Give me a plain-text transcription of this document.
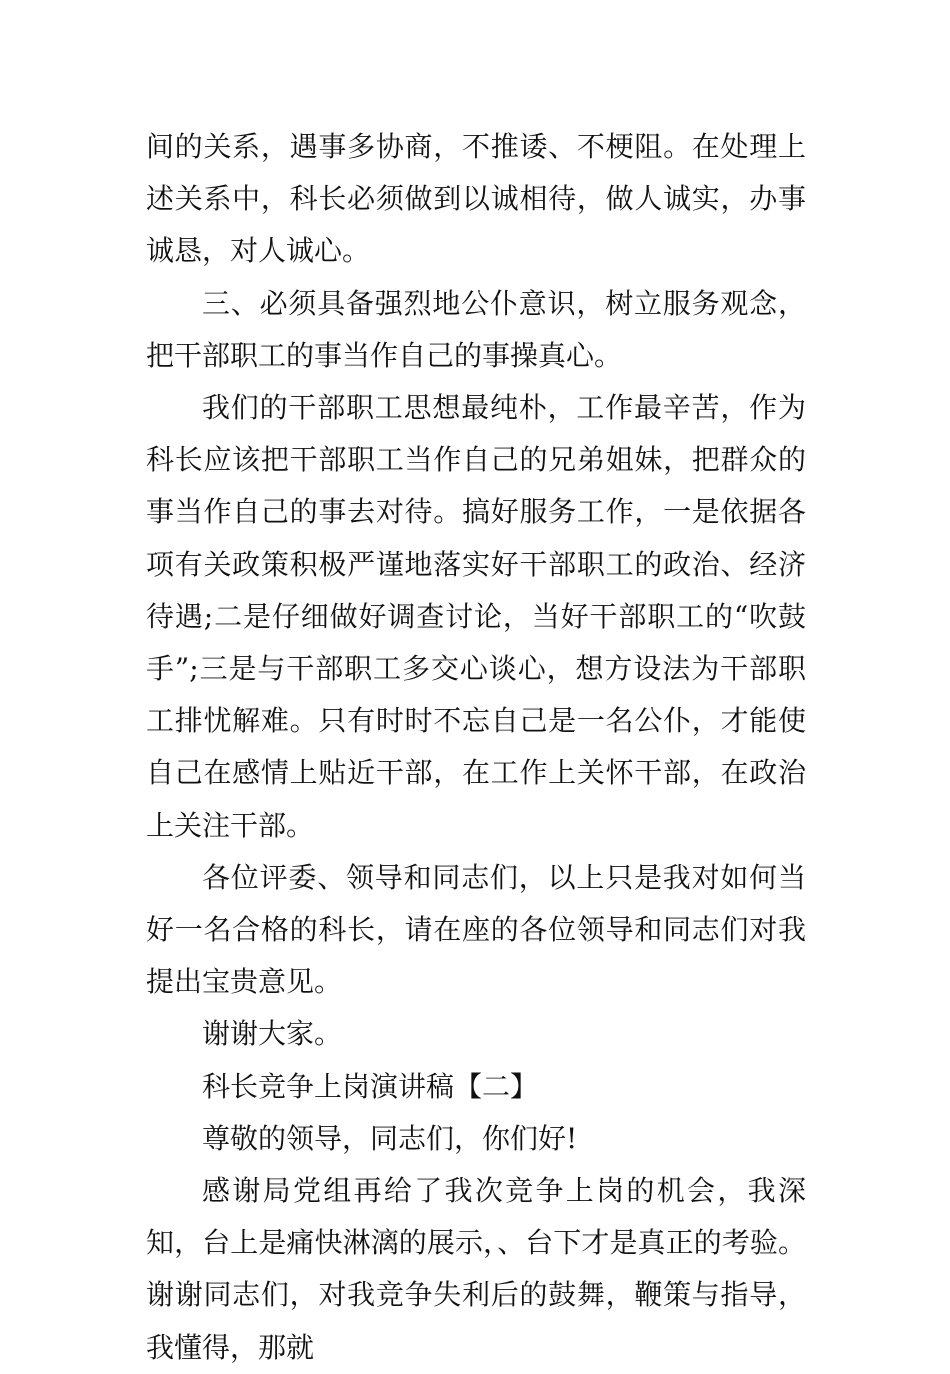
间的关系，遇事多协商，不推诿、不梗阻。在处理上述关系中，科长必须做到以诚相待，做人诚实，办事诚恳，对人诚心。

三、必须具备强烈地公仆意识，树立服务观念，把干部职工的事当作自己的事操真心。

我们的干部职工思想最纯朴，工作最辛苦，作为科长应该把干部职工当作自己的兄弟姐妹，把群众的事当作自己的事去对待。搞好服务工作，一是依据各项有关政策积极严谨地落实好干部职工的政治、经济待遇;二是仔细做好调查讨论，当好干部职工的“吹鼓手”;三是与干部职工多交心谈心，想方设法为干部职工排忧解难。只有时时不忘自己是一名公仆，才能使自己在感情上贴近干部，在工作上关怀干部，在政治上关注干部。

各位评委、领导和同志们，以上只是我对如何当好一名合格的科长，请在座的各位领导和同志们对我提出宝贵意见。

谢谢大家。

科长竞争上岗演讲稿【二】

尊敬的领导，同志们，你们好!

感谢局党组再给了我次竞争上岗的机会，我深知，台上是痛快淋漓的展示，、台下才是真正的考验。谢谢同志们，对我竞争失利后的鼓舞，鞭策与指导，我懂得，那就
